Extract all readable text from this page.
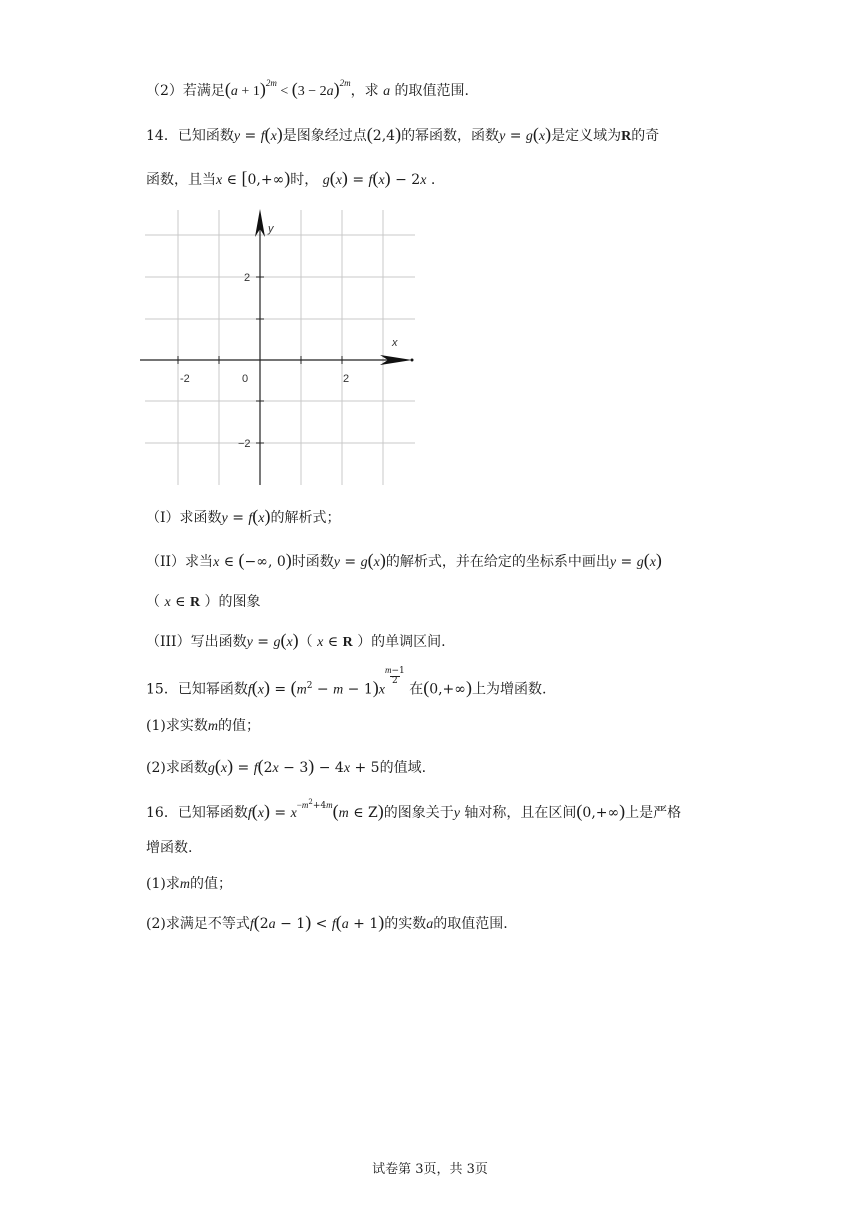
（2）若满足$(a + 1)^{2m} < (3 - 2a)^{2m}$，求 a 的取值范围.
14．已知函数y = f(x)是图象经过点(2,4)的幂函数，函数y = g(x)是定义域为R的奇
函数，且当x ∈ [0,+∞)时， g(x) = f(x) − 2x .
y
x
0
-2	2
2
−2
（I）求函数y = f(x)的解析式；
（II）求当x ∈ (−∞, 0)时函数y = g(x)的解析式，并在给定的坐标系中画出y = g(x)
（ x ∈ R ）的图象
（III）写出函数y = g(x)（ x ∈ R ）的单调区间.
15．已知幂函数$f(x) = (m^2 - m - 1)xm-1$
2 在(0,+∞)上为增函数.
(1)求实数m的值；
(2)求函数g(x) = f(2x − 3) − 4x + 5的值域.
16．已知幂函数$f(x) = x^{-m^2+4m}(m$ ∈ Z)的图象关于y 轴对称，且在区间(0,+∞)上是严格
增函数.
(1)求m的值；
(2)求满足不等式f(2a − 1) < f(a + 1)的实数a的取值范围.
试卷第 3页，共 3页
